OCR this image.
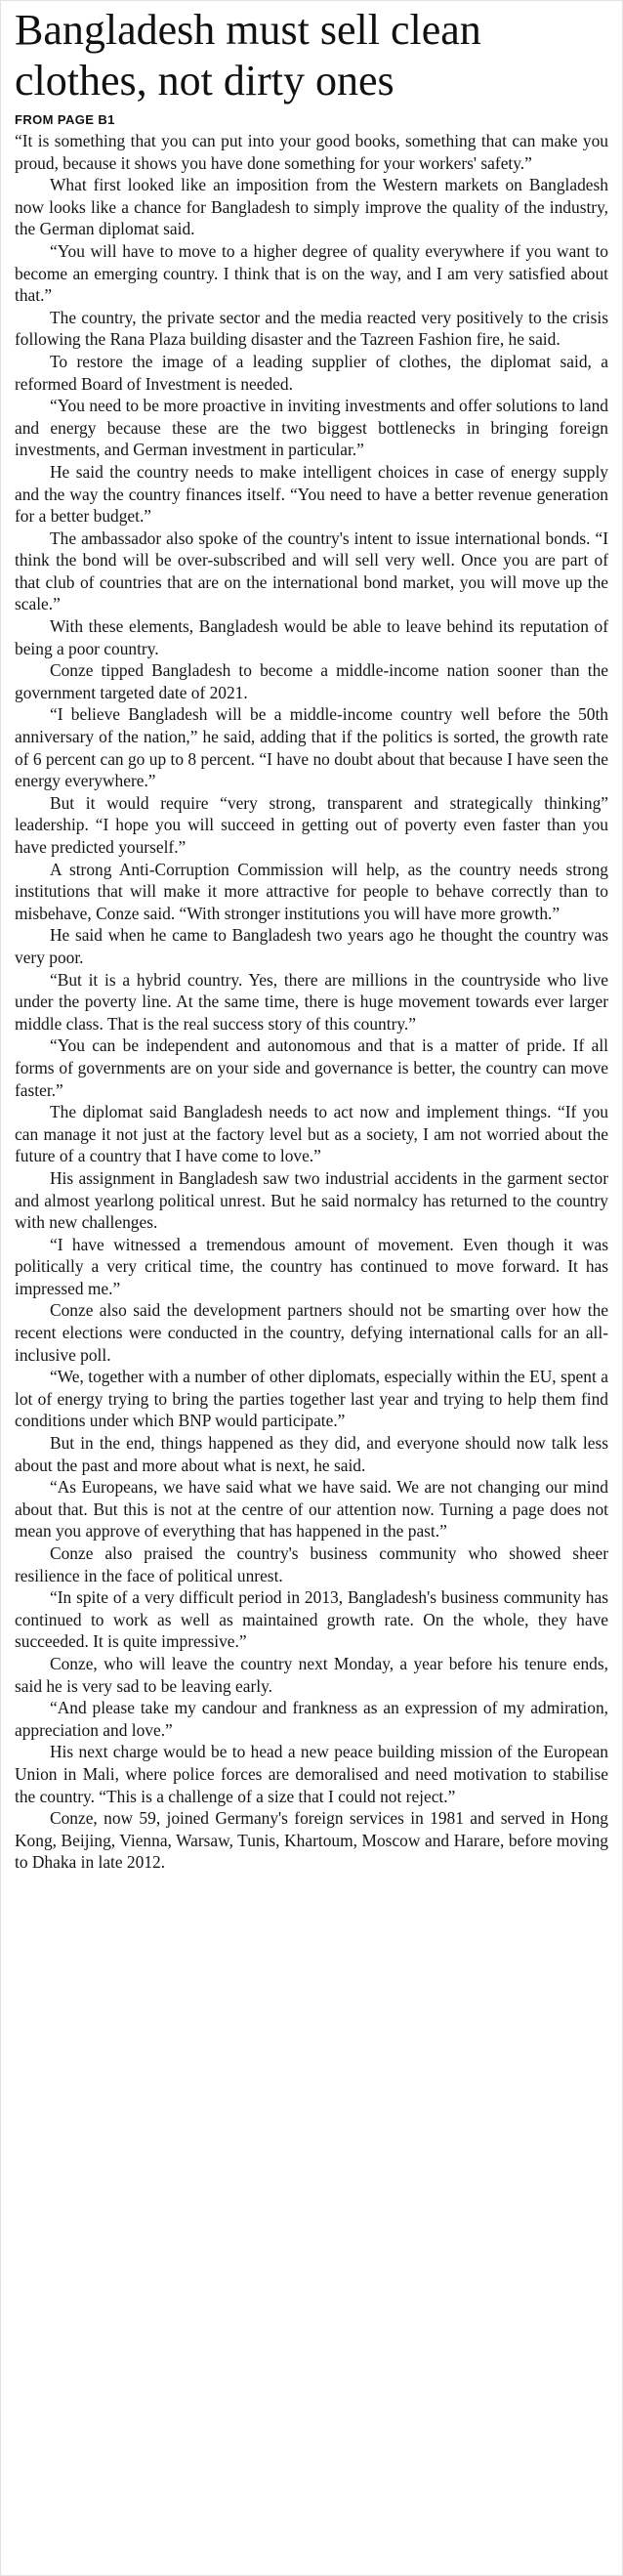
Bangladesh must sell clean clothes, not dirty ones
FROM PAGE B1

“It is something that you can put into your good books, something that can make you proud, because it shows you have done something for your workers' safety.”

What first looked like an imposition from the Western markets on Bangladesh now looks like a chance for Bangladesh to simply improve the quality of the industry, the German diplomat said.

“You will have to move to a higher degree of quality everywhere if you want to become an emerging country. I think that is on the way, and I am very satisfied about that.”

The country, the private sector and the media reacted very positively to the crisis following the Rana Plaza building disaster and the Tazreen Fashion fire, he said.

To restore the image of a leading supplier of clothes, the diplomat said, a reformed Board of Investment is needed.

“You need to be more proactive in inviting investments and offer solutions to land and energy because these are the two biggest bottlenecks in bringing foreign investments, and German investment in particular.”

He said the country needs to make intelligent choices in case of energy supply and the way the country finances itself. “You need to have a better revenue generation for a better budget.”

The ambassador also spoke of the country's intent to issue international bonds. “I think the bond will be over-subscribed and will sell very well. Once you are part of that club of countries that are on the international bond market, you will move up the scale.”

With these elements, Bangladesh would be able to leave behind its reputation of being a poor country.

Conze tipped Bangladesh to become a middle-income nation sooner than the government targeted date of 2021.

“I believe Bangladesh will be a middle-income country well before the 50th anniversary of the nation,” he said, adding that if the politics is sorted, the growth rate of 6 percent can go up to 8 percent. “I have no doubt about that because I have seen the energy everywhere.”

But it would require “very strong, transparent and strategically thinking” leadership. “I hope you will succeed in getting out of poverty even faster than you have predicted yourself.”

A strong Anti-Corruption Commission will help, as the country needs strong institutions that will make it more attractive for people to behave correctly than to misbehave, Conze said. “With stronger institutions you will have more growth.”

He said when he came to Bangladesh two years ago he thought the country was very poor.

“But it is a hybrid country. Yes, there are millions in the countryside who live under the poverty line. At the same time, there is huge movement towards ever larger middle class. That is the real success story of this country.”

“You can be independent and autonomous and that is a matter of pride. If all forms of governments are on your side and governance is better, the country can move faster.”

The diplomat said Bangladesh needs to act now and implement things. “If you can manage it not just at the factory level but as a society, I am not worried about the future of a country that I have come to love.”

His assignment in Bangladesh saw two industrial accidents in the garment sector and almost yearlong political unrest. But he said normalcy has returned to the country with new challenges.

“I have witnessed a tremendous amount of movement. Even though it was politically a very critical time, the country has continued to move forward. It has impressed me.”

Conze also said the development partners should not be smarting over how the recent elections were conducted in the country, defying international calls for an all-inclusive poll.

“We, together with a number of other diplomats, especially within the EU, spent a lot of energy trying to bring the parties together last year and trying to help them find conditions under which BNP would participate.”

But in the end, things happened as they did, and everyone should now talk less about the past and more about what is next, he said.

“As Europeans, we have said what we have said. We are not changing our mind about that. But this is not at the centre of our attention now. Turning a page does not mean you approve of everything that has happened in the past.”

Conze also praised the country's business community who showed sheer resilience in the face of political unrest.

“In spite of a very difficult period in 2013, Bangladesh's business community has continued to work as well as maintained growth rate. On the whole, they have succeeded. It is quite impressive.”

Conze, who will leave the country next Monday, a year before his tenure ends, said he is very sad to be leaving early.

“And please take my candour and frankness as an expression of my admiration, appreciation and love.”

His next charge would be to head a new peace building mission of the European Union in Mali, where police forces are demoralised and need motivation to stabilise the country. “This is a challenge of a size that I could not reject.”

Conze, now 59, joined Germany's foreign services in 1981 and served in Hong Kong, Beijing, Vienna, Warsaw, Tunis, Khartoum, Moscow and Harare, before moving to Dhaka in late 2012.
